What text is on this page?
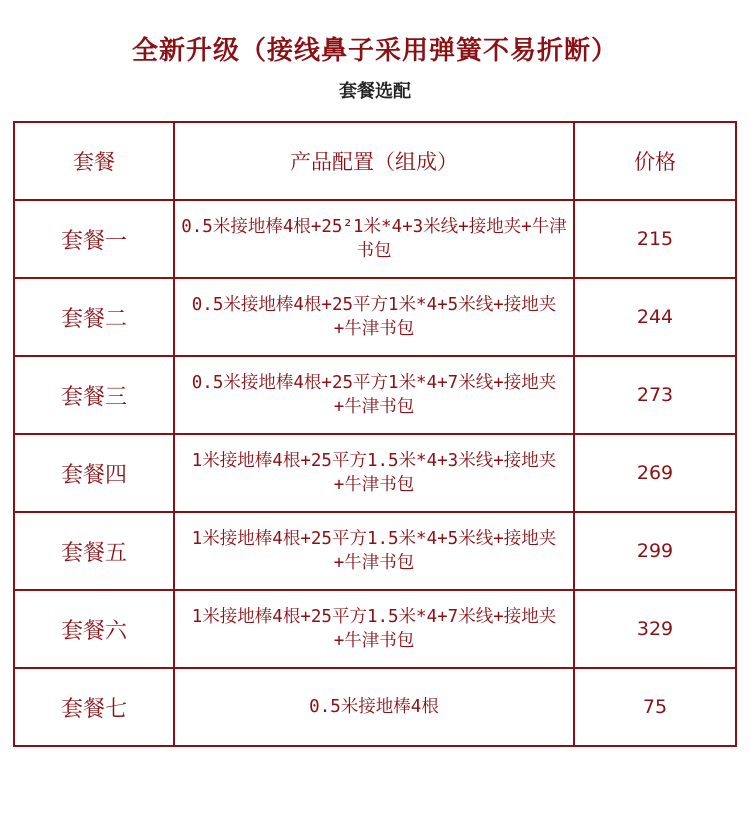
全新升级（接线鼻子采用弹簧不易折断）
套餐选配
套餐	产品配置（组成）	价格
套餐一	0.5米接地棒4根+25²1米*4+3米线+接地夹+牛津书包	215
套餐二	0.5米接地棒4根+25平方1米*4+5米线+接地夹+牛津书包	244
套餐三	0.5米接地棒4根+25平方1米*4+7米线+接地夹+牛津书包	273
套餐四	1米接地棒4根+25平方1.5米*4+3米线+接地夹+牛津书包	269
套餐五	1米接地棒4根+25平方1.5米*4+5米线+接地夹+牛津书包	299
套餐六	1米接地棒4根+25平方1.5米*4+7米线+接地夹+牛津书包	329
套餐七	0.5米接地棒4根	75
